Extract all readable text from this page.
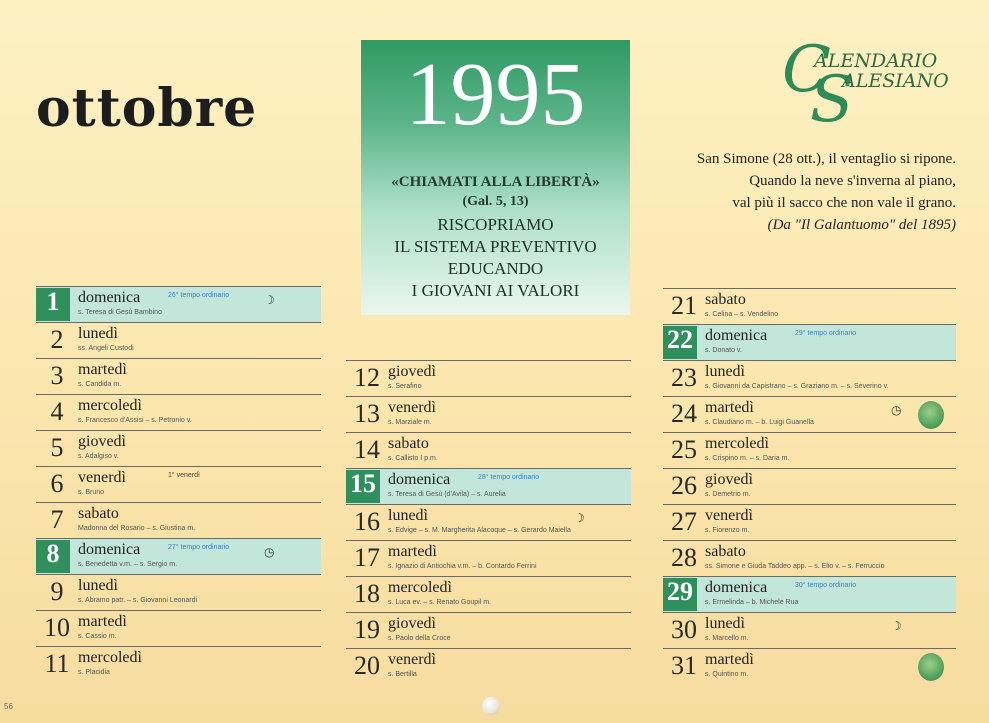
ottobre	1995
«CHIAMATI ALLA LIBERTÀ»
(Gal. 5, 13)
RISCOPRIAMO
IL SISTEMA PREVENTIVO
EDUCANDO
I GIOVANI AI VALORI
C
ALENDARIO
S
ALESIANO
San Simone (28 ott.), il ventaglio si ripone.
Quando la neve s'inverna al piano,
val più il sacco che non vale il grano.
(Da "Il Galantuomo" del 1895)
1	domenica
s. Teresa di Gesù Bambino
26° tempo ordinario	☽
2 lunedì
ss. Angeli Custodi
3 martedì
s. Candida m.
4 mercoledì
s. Francesco d'Assisi – s. Petronio v.
5 giovedì
s. Adalgiso v.
6 venerdì
s. Bruno
1° venerdì
7 sabato
Madonna del Rosario – s. Giustina m.
8	domenica
s. Benedetta v.m. – s. Sergio m.
27° tempo ordinario	◷
9 lunedì
s. Abramo patr. – s. Giovanni Leonardi
10 martedì
s. Cassio m.
11 mercoledì
s. Placidia
12 giovedì
s. Serafino
13 venerdì
s. Marziale m.
14 sabato
s. Callisto I p.m.
15 domenica
s. Teresa di Gesù (d'Avila) – s. Aurelia
28° tempo ordinario
16 lunedì
s. Edvige – s. M. Margherita Alacoque – s. Gerardo Maiella
☽
17 martedì
s. Ignazio di Antiochia v.m. – b. Contardo Ferrini
18 mercoledì
s. Luca ev. – s. Renato Goupil m.
19 giovedì
s. Paolo della Croce
20 venerdì
s. Bertilla
21 sabato
s. Celina – s. Vendelino
22 domenica
s. Donato v.
29° tempo ordinario
23 lunedì
s. Giovanni da Capistrano – s. Graziano m. – s. Severino v.
24 martedì
s. Claudiano m. – b. Luigi Guanella
◷
25 mercoledì
s. Crispino m. – s. Daria m.
26 giovedì
s. Demetrio m.
27 venerdì
s. Fiorenzo m.
28 sabato
ss. Simone e Giuda Taddeo app. – s. Elio v. – s. Ferruccio
29 domenica
s. Ermelinda – b. Michele Rua
30° tempo ordinario
30 lunedì
s. Marcello m.
☽
31 martedì
s. Quintino m.
56
